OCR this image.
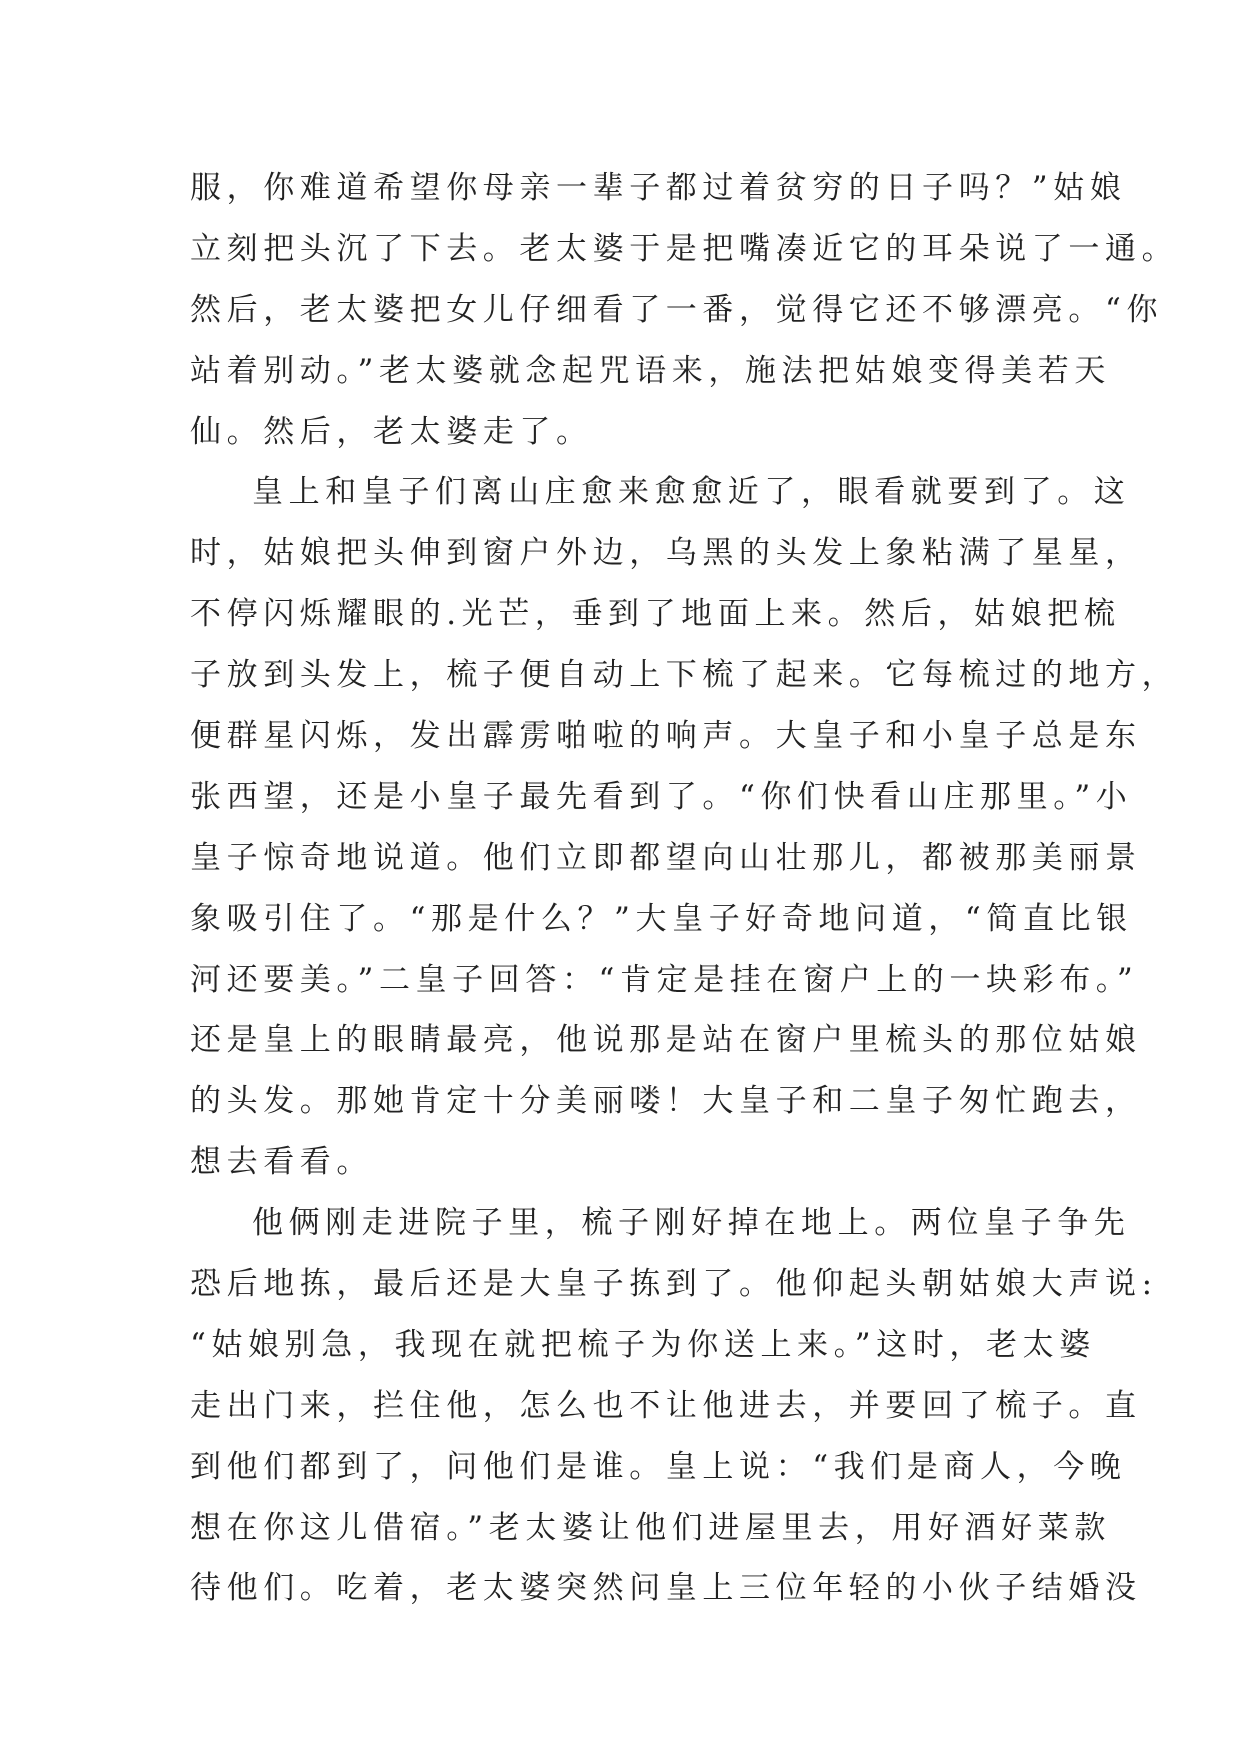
服，你难道希望你母亲一辈子都过着贫穷的日子吗？”姑娘
立刻把头沉了下去。老太婆于是把嘴凑近它的耳朵说了一通。
然后，老太婆把女儿仔细看了一番，觉得它还不够漂亮。“你
站着别动。”老太婆就念起咒语来，施法把姑娘变得美若天
仙。然后，老太婆走了。
皇上和皇子们离山庄愈来愈愈近了，眼看就要到了。这
时，姑娘把头伸到窗户外边，乌黑的头发上象粘满了星星，
不停闪烁耀眼的.光芒，垂到了地面上来。然后，姑娘把梳
子放到头发上，梳子便自动上下梳了起来。它每梳过的地方，
便群星闪烁，发出霹雳啪啦的响声。大皇子和小皇子总是东
张西望，还是小皇子最先看到了。“你们快看山庄那里。”小
皇子惊奇地说道。他们立即都望向山壮那儿，都被那美丽景
象吸引住了。“那是什么？”大皇子好奇地问道，“简直比银
河还要美。”二皇子回答：“肯定是挂在窗户上的一块彩布。”
还是皇上的眼睛最亮，他说那是站在窗户里梳头的那位姑娘
的头发。那她肯定十分美丽喽！大皇子和二皇子匆忙跑去，
想去看看。
他俩刚走进院子里，梳子刚好掉在地上。两位皇子争先
恐后地拣，最后还是大皇子拣到了。他仰起头朝姑娘大声说:
“姑娘别急，我现在就把梳子为你送上来。”这时，老太婆
走出门来，拦住他，怎么也不让他进去，并要回了梳子。直
到他们都到了，问他们是谁。皇上说：“我们是商人，今晚
想在你这儿借宿。”老太婆让他们进屋里去，用好酒好菜款
待他们。吃着，老太婆突然问皇上三位年轻的小伙子结婚没
